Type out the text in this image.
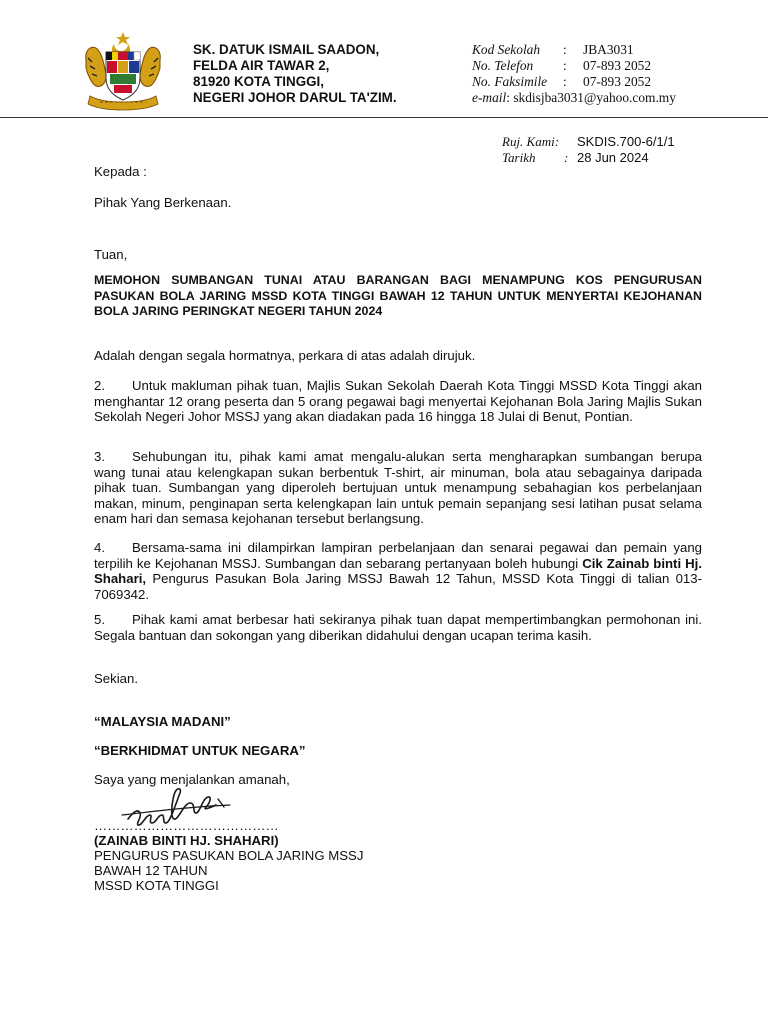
SK. DATUK ISMAIL SAADON,
FELDA AIR TAWAR 2,
81920 KOTA TINGGI,
NEGERI JOHOR DARUL TA'ZIM.
Kod Sekolah	:	JBA3031
No. Telefon	:	07-893 2052
No. Faksimile	:	07-893 2052
e-mail :
skdisjba3031@yahoo.com.my
Ruj. Kami:	SKDIS.700-6/1/1
Tarikh	: 28 Jun 2024
Kepada :
Pihak Yang Berkenaan.
Tuan,
MEMOHON SUMBANGAN TUNAI ATAU BARANGAN BAGI MENAMPUNG KOS PENGURUSAN PASUKAN BOLA JARING MSSD KOTA TINGGI BAWAH 12 TAHUN UNTUK MENYERTAI KEJOHANAN BOLA JARING PERINGKAT NEGERI TAHUN 2024
Adalah dengan segala hormatnya, perkara di atas adalah dirujuk.
2. Untuk makluman pihak tuan, Majlis Sukan Sekolah Daerah Kota Tinggi MSSD Kota Tinggi akan menghantar 12 orang peserta dan 5 orang pegawai bagi menyertai Kejohanan Bola Jaring Majlis Sukan Sekolah Negeri Johor MSSJ yang akan diadakan pada 16 hingga 18 Julai di Benut, Pontian.
3. Sehubungan itu, pihak kami amat mengalu-alukan serta mengharapkan sumbangan berupa wang tunai atau kelengkapan sukan berbentuk T-shirt, air minuman, bola atau sebagainya daripada pihak tuan. Sumbangan yang diperoleh bertujuan untuk menampung sebahagian kos perbelanjaan makan, minum, penginapan serta kelengkapan lain untuk pemain sepanjang sesi latihan pusat selama enam hari dan semasa kejohanan tersebut berlangsung.
4. Bersama-sama ini dilampirkan lampiran perbelanjaan dan senarai pegawai dan pemain yang terpilih ke Kejohanan MSSJ. Sumbangan dan sebarang pertanyaan boleh hubungi Cik Zainab binti Hj. Shahari, Pengurus Pasukan Bola Jaring MSSJ Bawah 12 Tahun, MSSD Kota Tinggi di talian 013-7069342.
5. Pihak kami amat berbesar hati sekiranya pihak tuan dapat mempertimbangkan permohonan ini. Segala bantuan dan sokongan yang diberikan didahului dengan ucapan terima kasih.
Sekian.
“MALAYSIA MADANI”
“BERKHIDMAT UNTUK NEGARA”
Saya yang menjalankan amanah,
……………………………………
(ZAINAB BINTI HJ. SHAHARI)
PENGURUS PASUKAN BOLA JARING MSSJ
BAWAH 12 TAHUN
MSSD KOTA TINGGI
